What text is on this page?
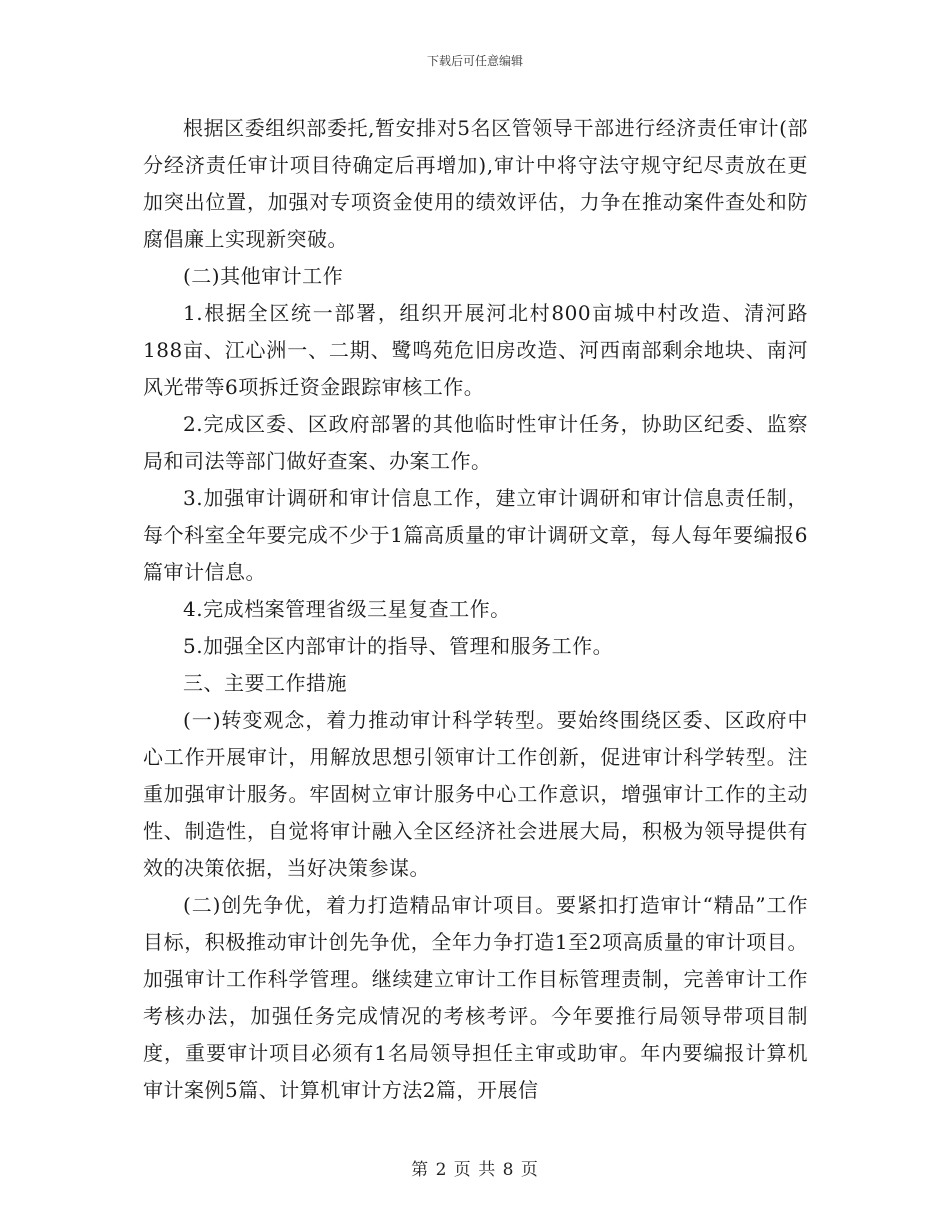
下载后可任意编辑

根据区委组织部委托,暂安排对5名区管领导干部进行经济责任审计(部分经济责任审计项目待确定后再增加),审计中将守法守规守纪尽责放在更加突出位置，加强对专项资金使用的绩效评估，力争在推动案件查处和防腐倡廉上实现新突破。

(二)其他审计工作

1.根据全区统一部署，组织开展河北村800亩城中村改造、清河路188亩、江心洲一、二期、鹭鸣苑危旧房改造、河西南部剩余地块、南河风光带等6项拆迁资金跟踪审核工作。

2.完成区委、区政府部署的其他临时性审计任务，协助区纪委、监察局和司法等部门做好查案、办案工作。

3.加强审计调研和审计信息工作，建立审计调研和审计信息责任制，每个科室全年要完成不少于1篇高质量的审计调研文章，每人每年要编报6篇审计信息。

4.完成档案管理省级三星复查工作。

5.加强全区内部审计的指导、管理和服务工作。

三、主要工作措施

(一)转变观念，着力推动审计科学转型。要始终围绕区委、区政府中心工作开展审计，用解放思想引领审计工作创新，促进审计科学转型。注重加强审计服务。牢固树立审计服务中心工作意识，增强审计工作的主动性、制造性，自觉将审计融入全区经济社会进展大局，积极为领导提供有效的决策依据，当好决策参谋。

(二)创先争优，着力打造精品审计项目。要紧扣打造审计“精品”工作目标，积极推动审计创先争优，全年力争打造1至2项高质量的审计项目。加强审计工作科学管理。继续建立审计工作目标管理责制，完善审计工作考核办法，加强任务完成情况的考核考评。今年要推行局领导带项目制度，重要审计项目必须有1名局领导担任主审或助审。年内要编报计算机审计案例5篇、计算机审计方法2篇，开展信

第 2 页 共 8 页
